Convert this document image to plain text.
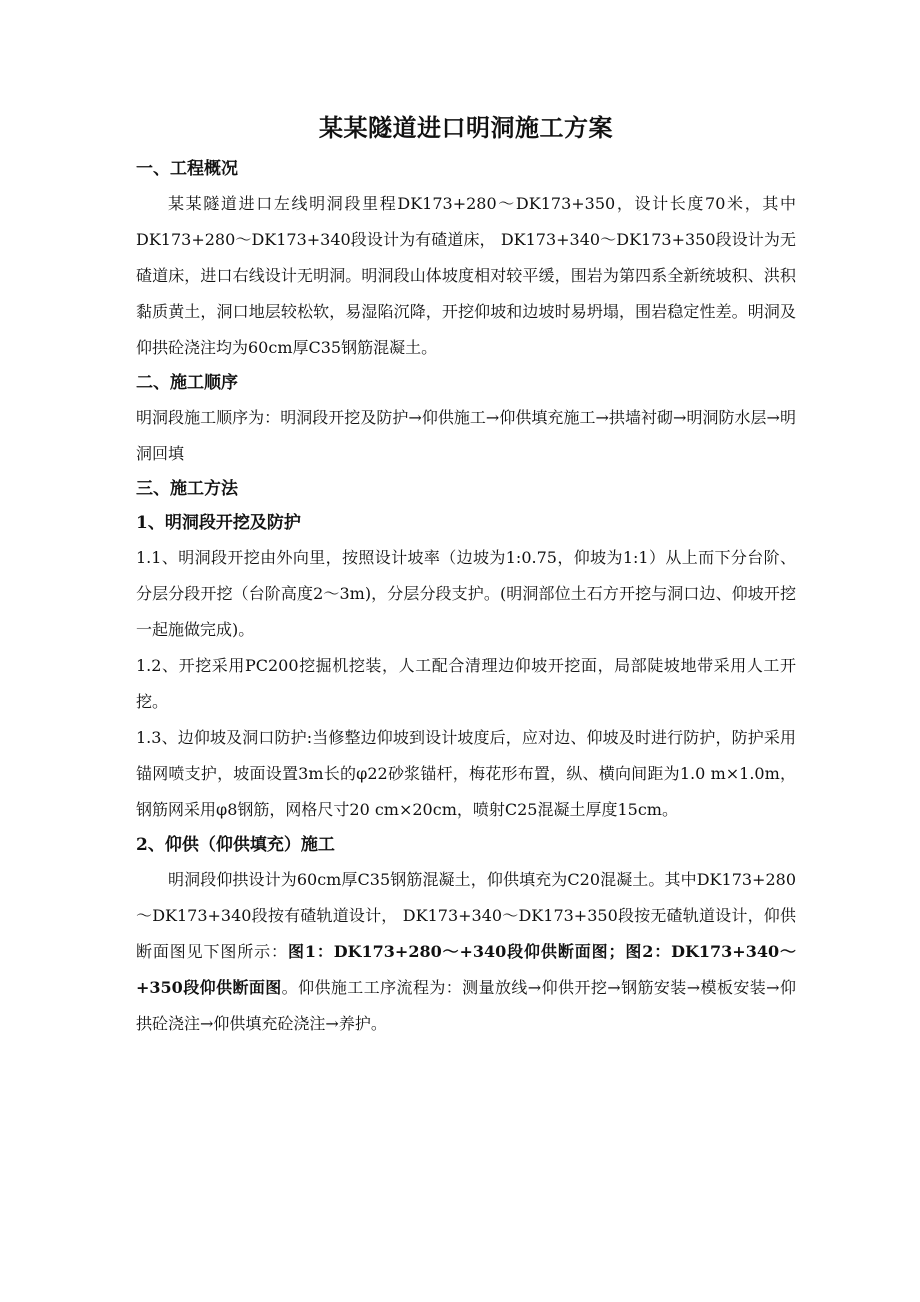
某某隧道进口明洞施工方案
一、工程概况

某某隧道进口左线明洞段里程DK173+280～DK173+350，设计长度70米，其中DK173+280～DK173+340段设计为有碴道床， DK173+340～DK173+350段设计为无碴道床，进口右线设计无明洞。明洞段山体坡度相对较平缓，围岩为第四系全新统坡积、洪积黏质黄土，洞口地层较松软，易湿陷沉降，开挖仰坡和边坡时易坍塌，围岩稳定性差。明洞及仰拱砼浇注均为60cm厚C35钢筋混凝土。

二、施工顺序

明洞段施工顺序为：明洞段开挖及防护→仰供施工→仰供填充施工→拱墙衬砌→明洞防水层→明洞回填

三、施工方法
1、明洞段开挖及防护

1.1、明洞段开挖由外向里，按照设计坡率（边坡为1:0.75，仰坡为1:1）从上而下分台阶、分层分段开挖（台阶高度2～3m)，分层分段支护。(明洞部位土石方开挖与洞口边、仰坡开挖一起施做完成)。

1.2、开挖采用PC200挖掘机挖装，人工配合清理边仰坡开挖面，局部陡坡地带采用人工开挖。

1.3、边仰坡及洞口防护:当修整边仰坡到设计坡度后，应对边、仰坡及时进行防护，防护采用锚网喷支护，坡面设置3m长的φ22砂浆锚杆，梅花形布置，纵、横向间距为1.0 m×1.0m，钢筋网采用φ8钢筋，网格尺寸20 cm×20cm，喷射C25混凝土厚度15cm。

2、仰供（仰供填充）施工

明洞段仰拱设计为60cm厚C35钢筋混凝土，仰供填充为C20混凝土。其中DK173+280～DK173+340段按有碴轨道设计， DK173+340～DK173+350段按无碴轨道设计，仰供断面图见下图所示：图1：DK173+280～+340段仰供断面图；图2：DK173+340～+350段仰供断面图。仰供施工工序流程为：测量放线→仰供开挖→钢筋安装→模板安装→仰拱砼浇注→仰供填充砼浇注→养护。
